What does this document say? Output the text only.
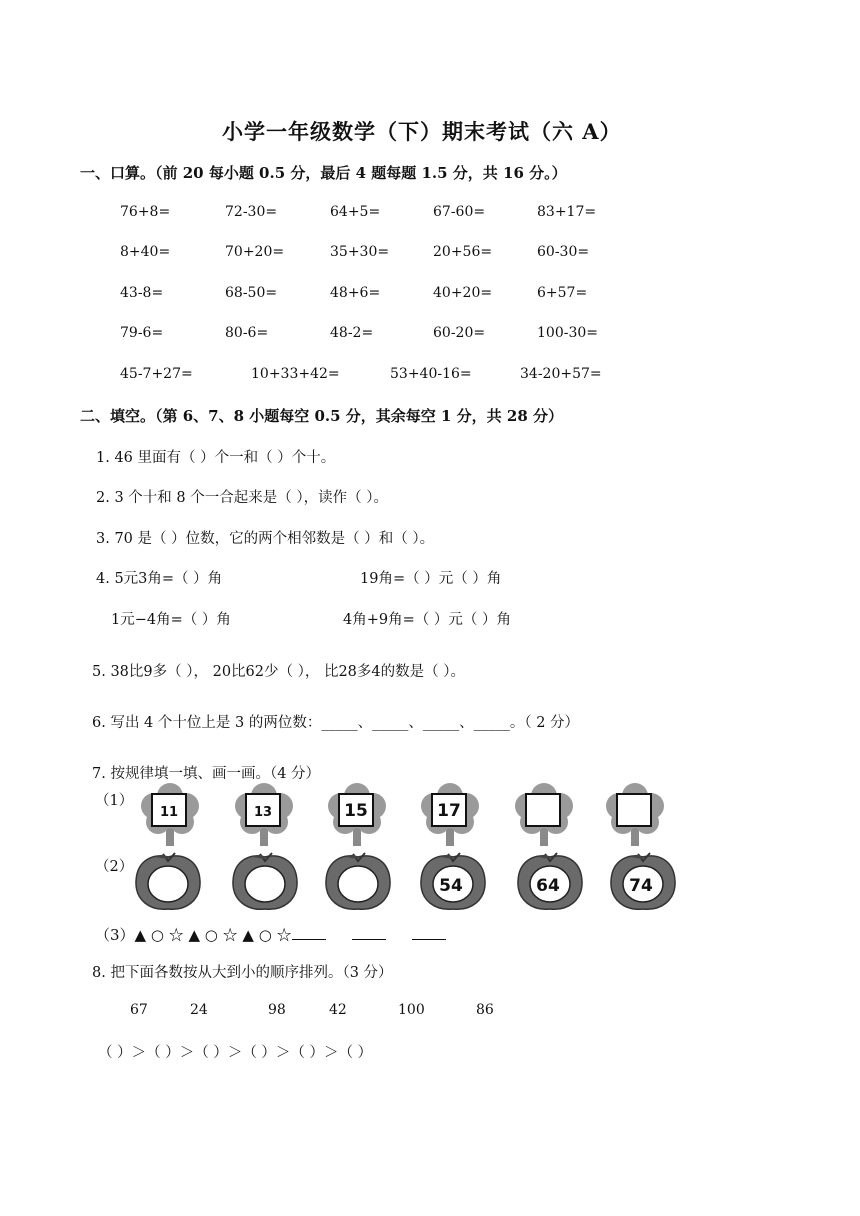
小学一年级数学（下）期末考试（六 A）
一、口算。（前 20 每小题 0.5 分，最后 4 题每题 1.5 分，共 16 分。）
76+8=	72-30=	64+5=	67-60=	83+17=
8+40=	70+20=	35+30=	20+56=	60-30=
43-8=	68-50=	48+6=	40+20=	6+57=
79-6=	80-6=	48-2=	60-20=	100-30=
45-7+27=	10+33+42=	53+40-16=	34-20+57=
二、填空。（第 6、7、8 小题每空 0.5 分，其余每空 1 分，共 28 分）
1. 46 里面有（ ）个一和（ ）个十。
2. 3 个十和 8 个一合起来是（ ），读作（ ）。
3. 70 是（ ）位数，它的两个相邻数是（ ）和（ ）。
4. 5元3角=（ ）角	19角=（ ）元（ ）角
1元−4角=（ ）角	4角+9角=（ ）元（ ）角
5. 38比9多（ ）， 20比62少（ ）， 比28多4的数是（ ）。
6. 写出 4 个十位上是 3 的两位数：_____、_____、_____、_____。（ 2 分）
7. 按规律填一填、画一画。（4 分）
（1）
11	13	15	17
（2）
54	64	74
（3）▲ ○ ☆ ▲ ○ ☆ ▲ ○ ☆
8. 把下面各数按从大到小的顺序排列。（3 分）
67	24	98	42	100	86
（ ）＞（ ）＞（ ）＞（ ）＞（ ）＞（ ）
